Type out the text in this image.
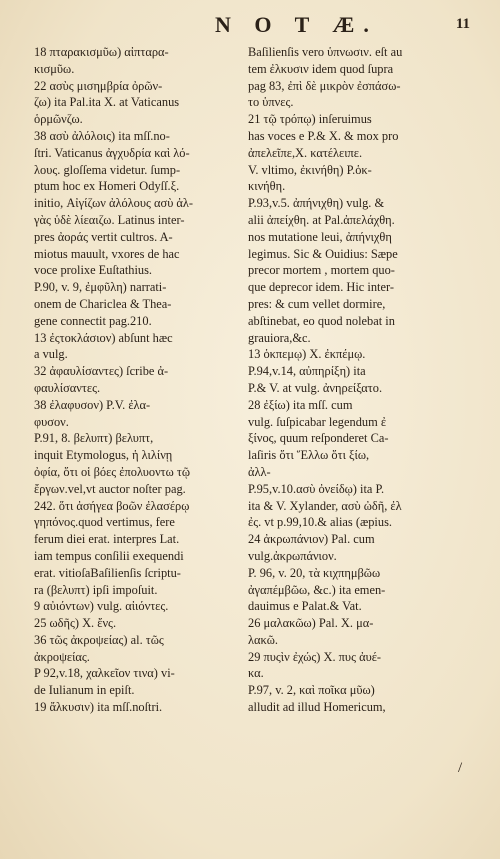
N O T Æ.	11

18 πταρακισμῦω) αἰπταρα-

κισμῦω.

22 ασὺς μισημβρία ὀρῶν-

ζω) ita Pal.ita X. at Vaticanus

ὁρμῶνζω.

38 ασὺ ἀλόλοις) ita mſſ.no-

ſtri. Vaticanus ἀγχυδρία καὶ λό-

λους. gloſſema videtur. ſump-

ptum hoc ex Homeri Odyſſ.ξ.

initio, Αἰγίζων ἀλόλους ασὺ ἀλ-

γὰς ὑδὲ λίεαιζω. Latinus inter-

pres ἀοράς vertit cultros. A-

miotus mauult, vxores de hac

voce prolixe Euſtathius.

P.90, v. 9, ἐμφῦλη) narrati-

onem de Chariclea & Thea-

gene connectit pag.210.

13 ἐςτοκλάσιον) abſunt hæc

a vulg.

32 ἀφαυλίσαντες) ſcribe ἀ-

φαυλίσαντες.

38 ἐλαφυσον) P.V. ἐλα-

φυσον.

P.91, 8. βελυπτ) βελυπτ,

inquit Etymologus, ἡ λιλίνῃ

ὀφία, ὅτι οἱ βόες ἐπολυοντω τῷ

ἔργων.vel,vt auctor noſter pag.

242. ὅτι ἀσήγεα βοῶν ἐλασέρῳ

γηπόνος.quod vertimus, fere

ferum diei erat. interpres Lat.

iam tempus conſilii exequendi

erat. vitioſaBaſilienſis ſcriptu-

ra (βελυπτ) ipſi impoſuit.

9 αὐιόντων) vulg. αἰιόντες.

25 ωδῆς) X. ἔνς.

36 τῶς ἀκροψείας) al. τῶς

ἀκροψείας.

P 92,v.18, χαλκεῖον τινα) vi-

de Iulianum in epiſt.

19 ἄλκυσιν) ita mſſ.noſtri.

Baſilienſis vero ὑπνωσιν. eſt au

tem ἐλκυσιν idem quod ſupra

pag 83, ἐπὶ δὲ μικρὸν ἐσπάσω-

το ὑπνες.

21 τῷ τρόπῳ) inſeruimus

has voces e P.& X. & mox pro

ἀπελεῖπε,X. κατέλειπε.

V. vltimo, ἐκινήθη) P.ὁκ-

κινήθη.

P.93,v.5. ἀπήνιχθη) vulg. &

alii ἀπείχθη. at Pal.ἀπελάχθη.

nos mutatione leui, ἀπήνιχθη

legimus. Sic & Ouidius: Sæpe

precor mortem , mortem quo-

que deprecor idem. Hic inter-

pres: & cum vellet dormire,

abſtinebat, eo quod nolebat in

grauiora,&c.

13 ὁκπεμῳ) X. ἐκπέμῳ.

P.94,v.14, αὐπηρίξη) ita

P.& V. at vulg. ἀνηρείξατο.

28 ἐξίω) ita mſſ. cum

vulg. ſuſpicabar legendum ἐ

ξίνος, quum reſponderet Ca-

laſiris ὅτι Ἕλλω ὅτι ξίω,

ἀλλ-

P.95,v.10.ασὺ ὀνείδῳ) ita P.

ita & V. Xylander, ασὺ ὠδῆ, ἐλ

ἐς. vt p.99,10.& alias (æpius.

24 ἀκρωπάνιον) Pal. cum

vulg.ἀκρωπάνιον.

P. 96, v. 20, τὰ κιχπημβῶω

ἀγαπέμβῶω, &c.) ita emen-

dauimus e Palat.& Vat.

26 μαλακῶω) Pal. X. μα-

λακῶ.

29 πυςὶν ἐχώς) X. πυς ἀυέ-

κα.

P.97, v. 2, καὶ ποῖκα μῦω)

alludit ad illud Homericum,

/
